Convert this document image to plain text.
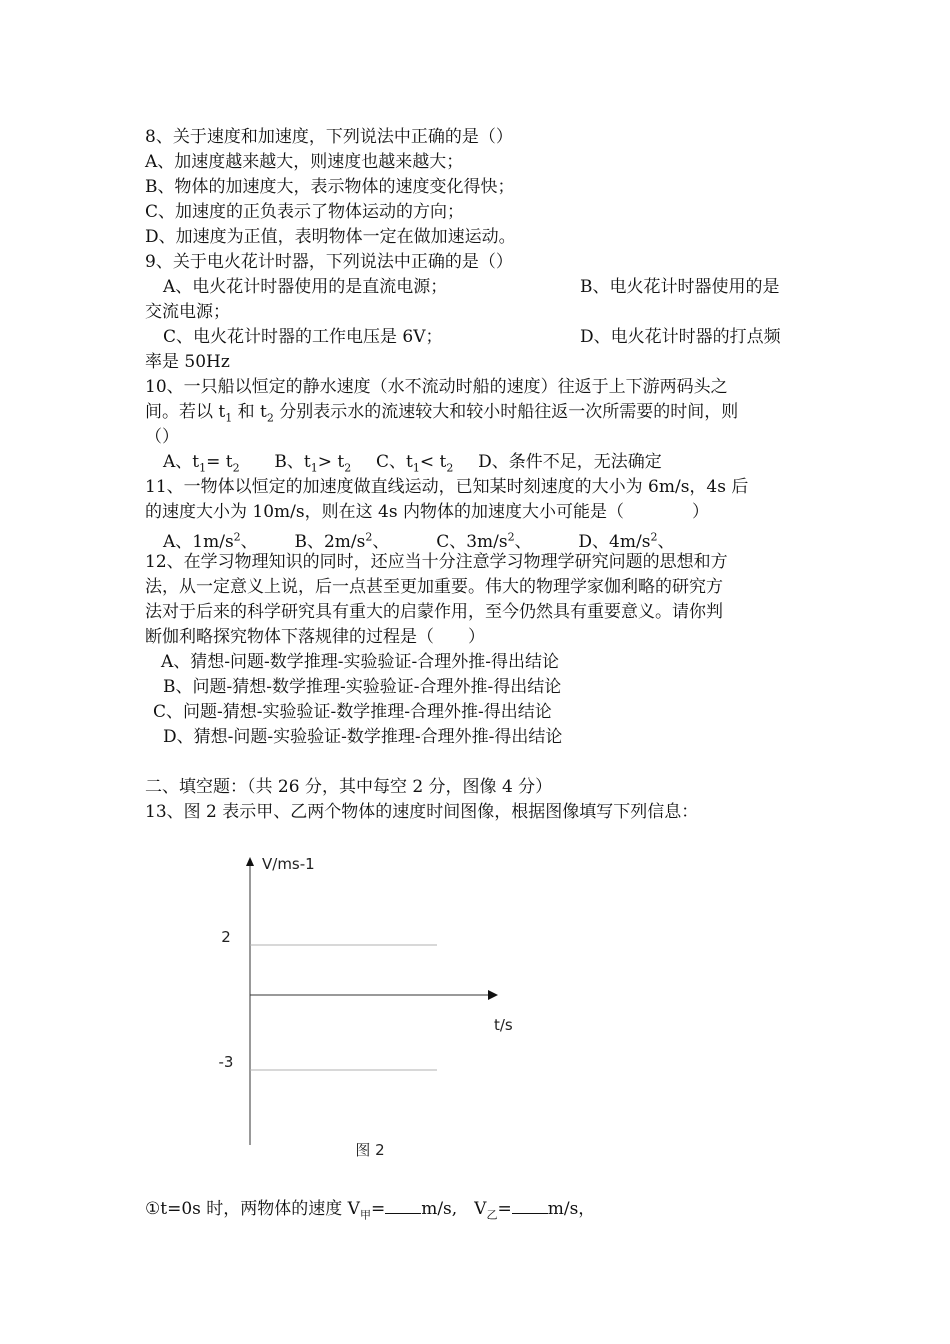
8、关于速度和加速度，下列说法中正确的是（）
A、加速度越来越大，则速度也越来越大；
B、物体的加速度大，表示物体的速度变化得快；
C、加速度的正负表示了物体运动的方向；
D、加速度为正值，表明物体一定在做加速运动。
9、关于电火花计时器，下列说法中正确的是（）
A、电火花计时器使用的是直流电源；	B、电火花计时器使用的是
交流电源；
C、电火花计时器的工作电压是 6V；	D、电火花计时器的打点频
率是 50Hz
10、一只船以恒定的静水速度（水不流动时船的速度）往返于上下游两码头之
间。若以 $t_1$ 和 $t_2$ 分别表示水的流速较大和较小时船往返一次所需要的时间，则
（）
A、$t_1= t_2$ B、$t_1> t_2$ C、$t_1< t_2$ D、条件不足，无法确定
11、一物体以恒定的加速度做直线运动，已知某时刻速度的大小为 6m/s，4s 后
的速度大小为 10m/s，则在这 4s 内物体的加速度大小可能是（　　　　）
A、$1m/s^2$、 B、$2m/s^2$、	C、$3m/s^2$、	D、$4m/s^2$、
12、在学习物理知识的同时，还应当十分注意学习物理学研究问题的思想和方
法，从一定意义上说，后一点甚至更加重要。伟大的物理学家伽利略的研究方
法对于后来的科学研究具有重大的启蒙作用，至今仍然具有重要意义。请你判
断伽利略探究物体下落规律的过程是（　　）
A、猜想-问题-数学推理-实验验证-合理外推-得出结论
B、问题-猜想-数学推理-实验验证-合理外推-得出结论
C、问题-猜想-实验验证-数学推理-合理外推-得出结论
D、猜想-问题-实验验证-数学推理-合理外推-得出结论
二、填空题：（共 26 分，其中每空 2 分，图像 4 分）
13、图 2 表示甲、乙两个物体的速度时间图像，根据图像填写下列信息：
V/ms-1
t/s
2
-3
图 2
①t=0s 时，两物体的速度 $V_甲= m/s$,　$V_乙= m/s$，
